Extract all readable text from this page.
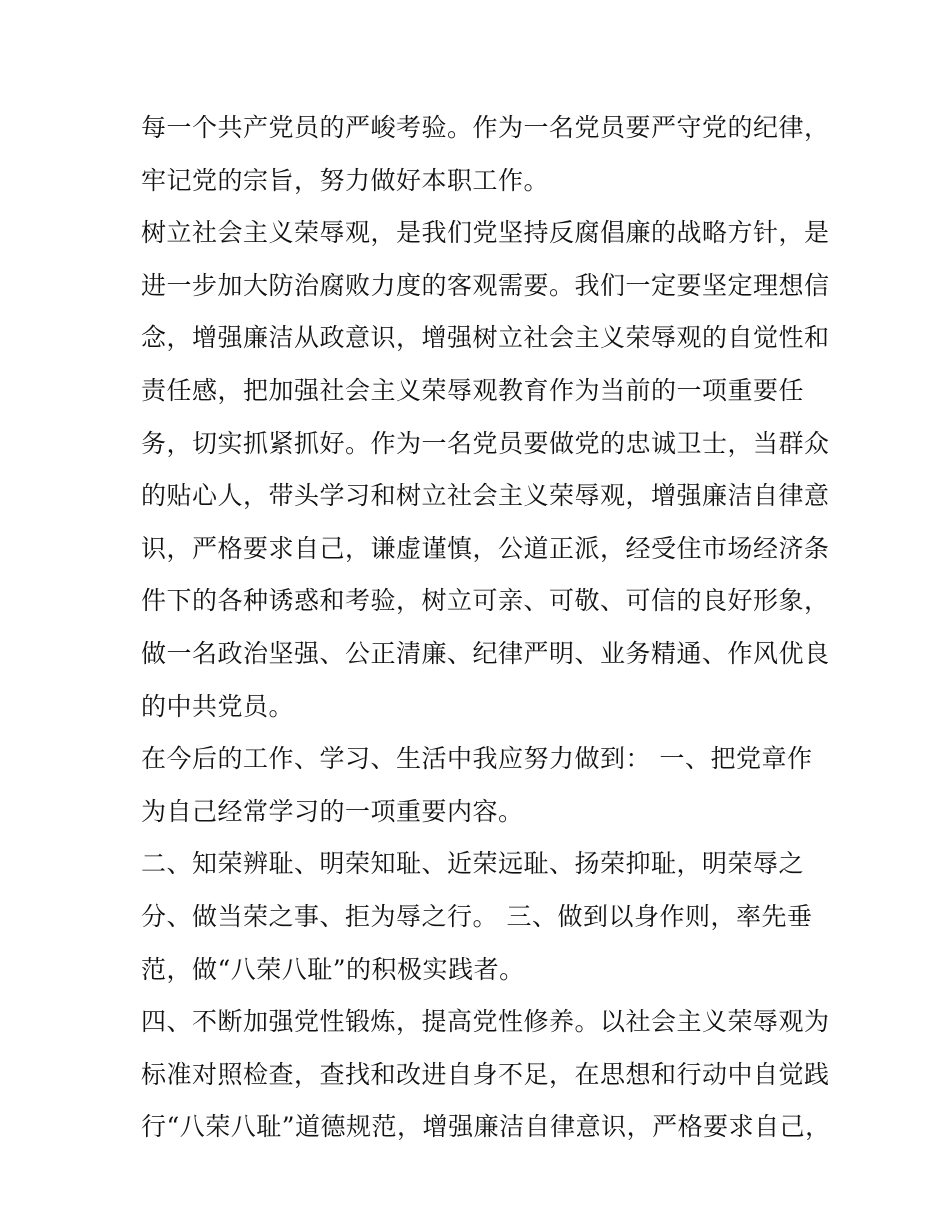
每一个共产党员的严峻考验。作为一名党员要严守党的纪律，
牢记党的宗旨，努力做好本职工作。
树立社会主义荣辱观，是我们党坚持反腐倡廉的战略方针，是
进一步加大防治腐败力度的客观需要。我们一定要坚定理想信
念，增强廉洁从政意识，增强树立社会主义荣辱观的自觉性和
责任感，把加强社会主义荣辱观教育作为当前的一项重要任
务，切实抓紧抓好。作为一名党员要做党的忠诚卫士，当群众
的贴心人，带头学习和树立社会主义荣辱观，增强廉洁自律意
识，严格要求自己，谦虚谨慎，公道正派，经受住市场经济条
件下的各种诱惑和考验，树立可亲、可敬、可信的良好形象，
做一名政治坚强、公正清廉、纪律严明、业务精通、作风优良
的中共党员。
在今后的工作、学习、生活中我应努力做到： 一、把党章作
为自己经常学习的一项重要内容。
二、知荣辨耻、明荣知耻、近荣远耻、扬荣抑耻，明荣辱之
分、做当荣之事、拒为辱之行。 三、做到以身作则，率先垂
范，做“八荣八耻”的积极实践者。
四、不断加强党性锻炼，提高党性修养。以社会主义荣辱观为
标准对照检查，查找和改进自身不足，在思想和行动中自觉践
行“八荣八耻”道德规范，增强廉洁自律意识，严格要求自己，
